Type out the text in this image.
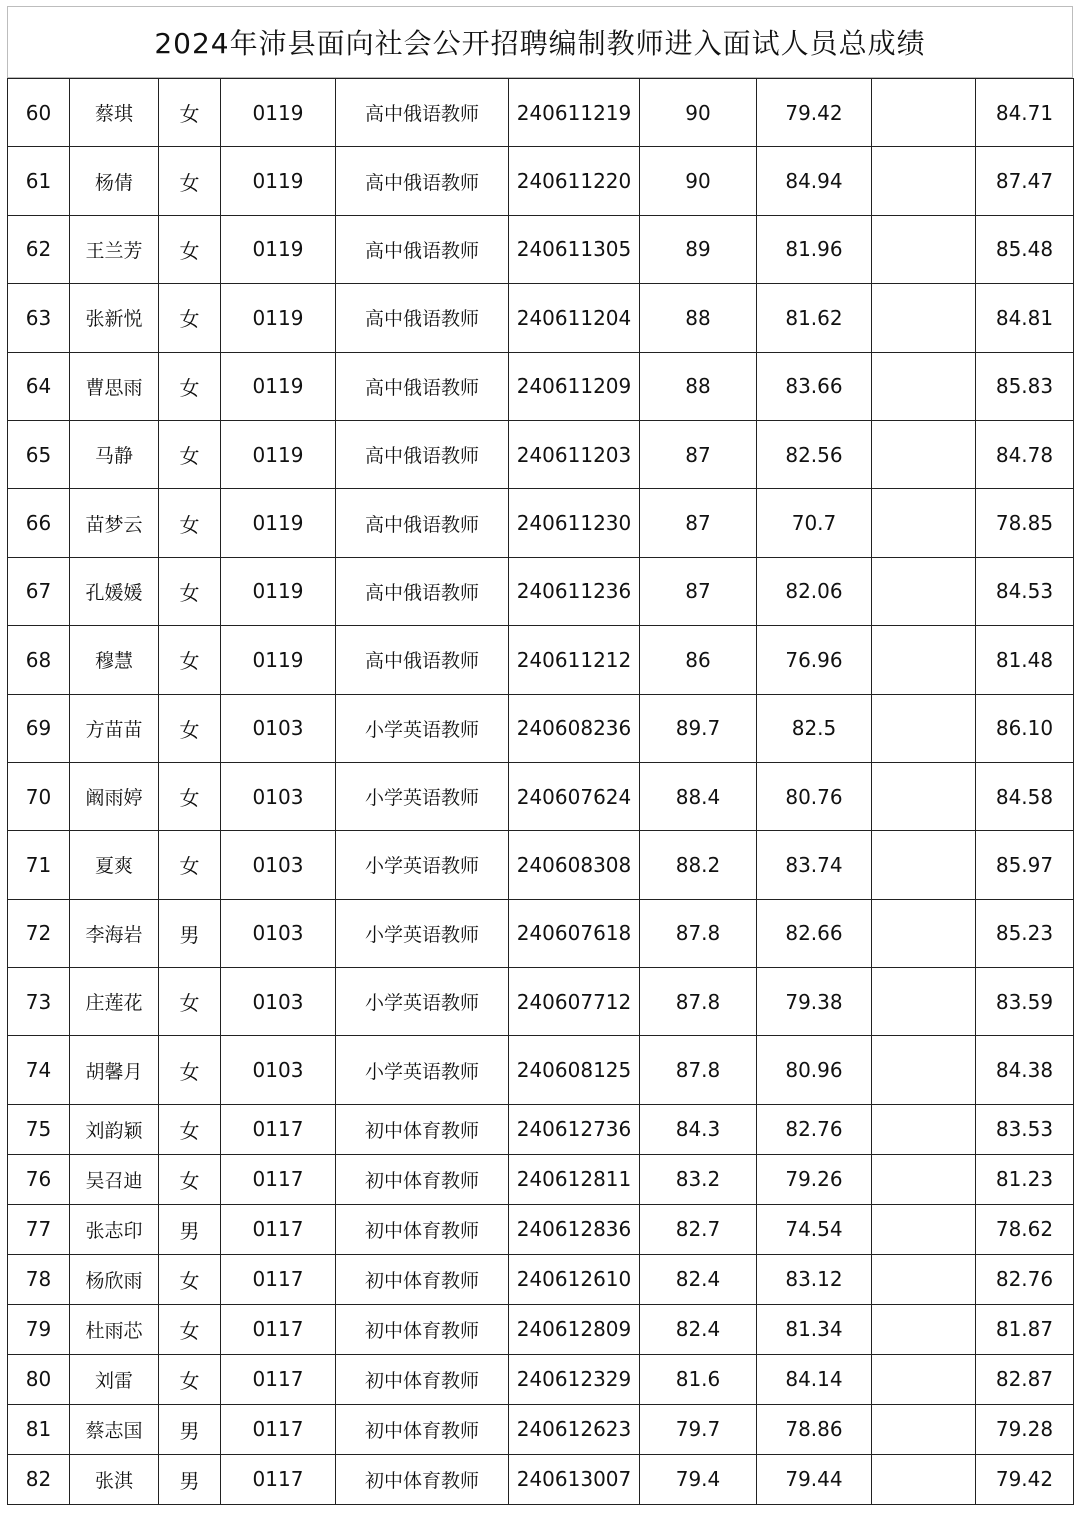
2024年沛县面向社会公开招聘编制教师进入面试人员总成绩
60	蔡琪	女	0119	高中俄语教师	240611219	90	79.42		84.71
61	杨倩	女	0119	高中俄语教师	240611220	90	84.94		87.47
62	王兰芳	女	0119	高中俄语教师	240611305	89	81.96		85.48
63	张新悦	女	0119	高中俄语教师	240611204	88	81.62		84.81
64	曹思雨	女	0119	高中俄语教师	240611209	88	83.66		85.83
65	马静	女	0119	高中俄语教师	240611203	87	82.56		84.78
66	苗梦云	女	0119	高中俄语教师	240611230	87	70.7		78.85
67	孔媛媛	女	0119	高中俄语教师	240611236	87	82.06		84.53
68	穆慧	女	0119	高中俄语教师	240611212	86	76.96		81.48
69	方苗苗	女	0103	小学英语教师	240608236	89.7	82.5		86.10
70	阚雨婷	女	0103	小学英语教师	240607624	88.4	80.76		84.58
71	夏爽	女	0103	小学英语教师	240608308	88.2	83.74		85.97
72	李海岩	男	0103	小学英语教师	240607618	87.8	82.66		85.23
73	庄莲花	女	0103	小学英语教师	240607712	87.8	79.38		83.59
74	胡馨月	女	0103	小学英语教师	240608125	87.8	80.96		84.38
75	刘韵颖	女	0117	初中体育教师	240612736	84.3	82.76		83.53
76	吴召迪	女	0117	初中体育教师	240612811	83.2	79.26		81.23
77	张志印	男	0117	初中体育教师	240612836	82.7	74.54		78.62
78	杨欣雨	女	0117	初中体育教师	240612610	82.4	83.12		82.76
79	杜雨芯	女	0117	初中体育教师	240612809	82.4	81.34		81.87
80	刘雷	女	0117	初中体育教师	240612329	81.6	84.14		82.87
81	蔡志国	男	0117	初中体育教师	240612623	79.7	78.86		79.28
82	张淇	男	0117	初中体育教师	240613007	79.4	79.44		79.42
